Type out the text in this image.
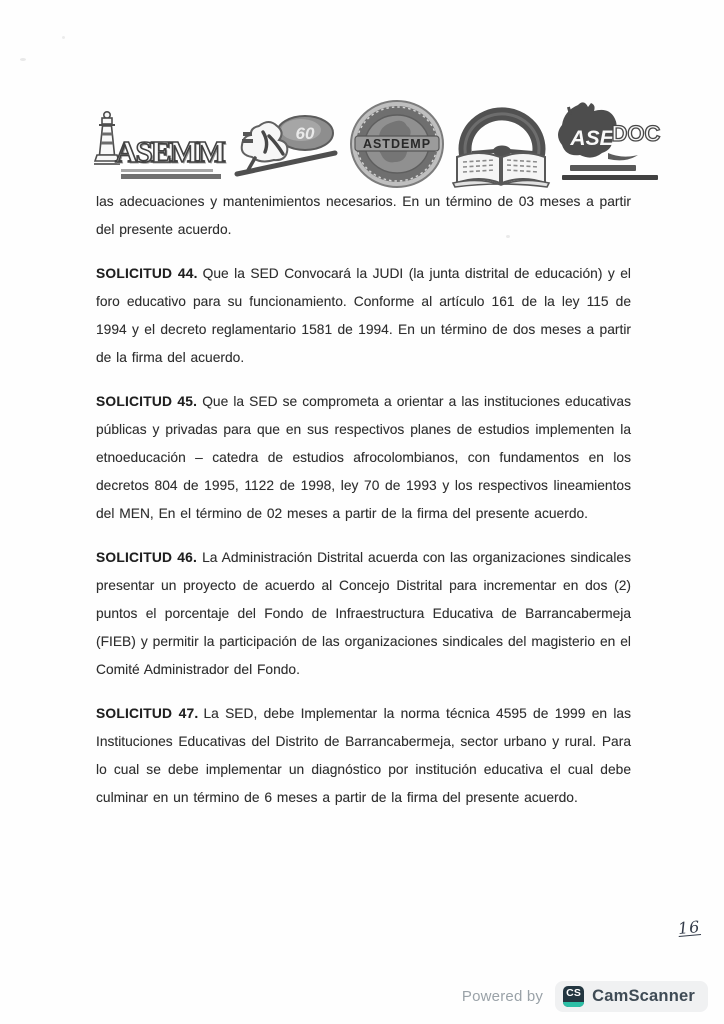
ASEMM
60
ASTDEMP	ASE
DOC

las adecuaciones y mantenimientos necesarios. En un término de 03 meses a partir del presente acuerdo.

SOLICITUD 44. Que la SED Convocará la JUDI (la junta distrital de educación) y el foro educativo para su funcionamiento. Conforme al artículo 161 de la ley 115 de 1994 y el decreto reglamentario 1581 de 1994. En un término de dos meses a partir de la firma del acuerdo.

SOLICITUD 45. Que la SED se comprometa a orientar a las instituciones educativas públicas y privadas para que en sus respectivos planes de estudios implementen la etnoeducación – catedra de estudios afrocolombianos, con fundamentos en los decretos 804 de 1995, 1122 de 1998, ley 70 de 1993 y los respectivos lineamientos del MEN, En el término de 02 meses a partir de la firma del presente acuerdo.

SOLICITUD 46. La Administración Distrital acuerda con las organizaciones sindicales presentar un proyecto de acuerdo al Concejo Distrital para incrementar en dos (2) puntos el porcentaje del Fondo de Infraestructura Educativa de Barrancabermeja (FIEB) y permitir la participación de las organizaciones sindicales del magisterio en el Comité Administrador del Fondo.

SOLICITUD 47. La SED, debe Implementar la norma técnica 4595 de 1999 en las Instituciones Educativas del Distrito de Barrancabermeja, sector urbano y rural. Para lo cual se debe implementar un diagnóstico por institución educativa el cual debe culminar en un término de 6 meses a partir de la firma del presente acuerdo.

16
Powered by CS CamScanner
